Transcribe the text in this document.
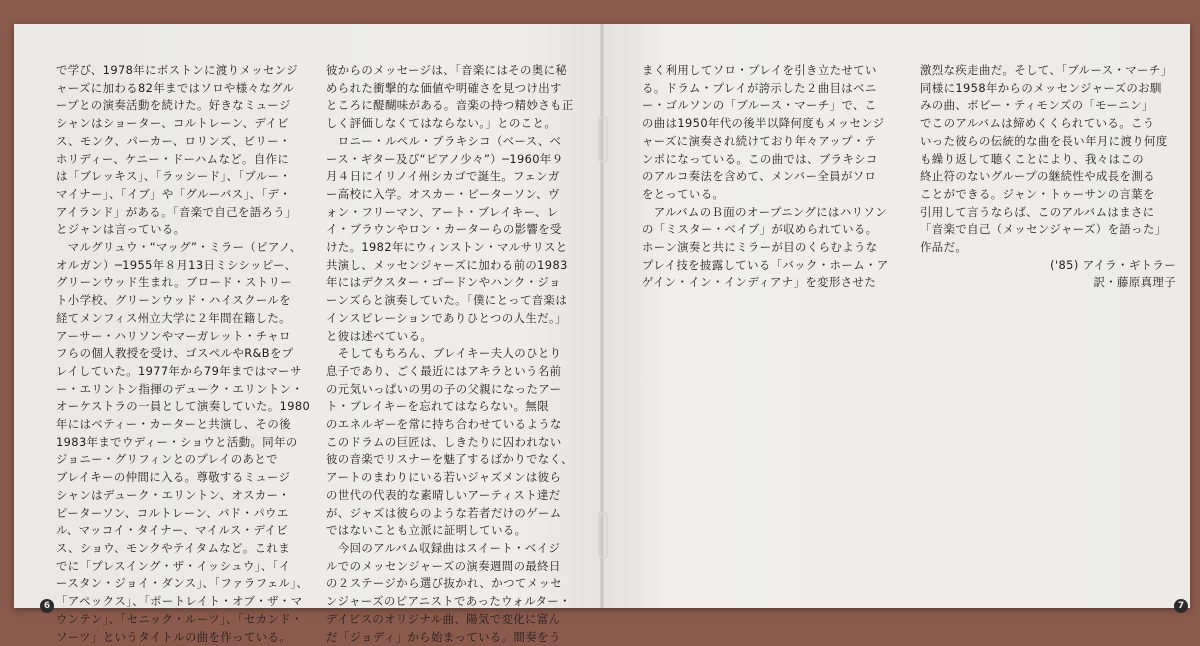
で学び、1978年にボストンに渡りメッセンジ

ャーズに加わる82年まではソロや様々なグル

ープとの演奏活動を続けた。好きなミュージ

シャンはショーター、コルトレーン、デイビ

ス、モンク、パーカー、ロリンズ、ビリー・

ホリディー、ケニー・ドーハムなど。自作に

は「ブレッキス」、「ラッシード」、「ブルー・

マイナー」、「イブ」や「グルーバス」、「デ・

アイランド」がある。「音楽で自己を語ろう」

とジャンは言っている。

　マルグリュウ・“マッグ”・ミラー（ピアノ、

オルガン）─1955年８月13日ミシシッピー、

グリーンウッド生まれ。ブロード・ストリー

ト小学校、グリーンウッド・ハイスクールを

経てメンフィス州立大学に２年間在籍した。

アーサー・ハリソンやマーガレット・チャロ

フらの個人教授を受け、ゴスペルやR&Bをプ

レイしていた。1977年から79年まではマーサ

ー・エリントン指揮のデューク・エリントン・

オーケストラの一員として演奏していた。1980

年にはベティー・カーターと共演し、その後

1983年までウディー・ショウと活動。同年の

ジョニー・グリフィンとのプレイのあとで

ブレイキーの仲間に入る。尊敬するミュージ

シャンはデューク・エリントン、オスカー・

ピーターソン、コルトレーン、バド・パウエ

ル、マッコイ・タイナー、マイルス・デイビ

ス、ショウ、モンクやテイタムなど。これま

でに「プレスイング・ザ・イッシュウ」、「イ

ースタン・ジョイ・ダンス」、「ファラフェル」、

「アペックス」、「ポートレイト・オブ・ザ・マ

ウンテン」、「セニック・ルーツ」、「セカンド・

ソーツ」というタイトルの曲を作っている。

彼からのメッセージは、「音楽にはその奥に秘

められた衝撃的な価値や明確さを見つけ出す

ところに醍醐味がある。音楽の持つ精妙さも正

しく評価しなくてはならない。」とのこと。

　ロニー・ルペル・ブラキシコ（ベース、ベ

ース・ギター及び“ピアノ少々”）─1960年９

月４日にイリノイ州シカゴで誕生。フェンガ

ー高校に入学。オスカー・ピーターソン、ヴ

ォン・フリーマン、アート・ブレイキー、レ

イ・ブラウンやロン・カーターらの影響を受

けた。1982年にウィンストン・マルサリスと

共演し、メッセンジャーズに加わる前の1983

年にはデクスター・ゴードンやハンク・ジョ

ーンズらと演奏していた。「僕にとって音楽は

インスピレーションでありひとつの人生だ。」

と彼は述べている。

　そしてもちろん、ブレイキー夫人のひとり

息子であり、ごく最近にはアキラという名前

の元気いっぱいの男の子の父親になったアー

ト・ブレイキーを忘れてはならない。無限

のエネルギーを常に持ち合わせているような

このドラムの巨匠は、しきたりに囚われない

彼の音楽でリスナーを魅了するばかりでなく、

アートのまわりにいる若いジャズメンは彼ら

の世代の代表的な素晴しいアーティスト達だ

が、ジャズは彼らのような若者だけのゲーム

ではないことも立派に証明している。

　今回のアルバム収録曲はスイート・ベイジ

ルでのメッセンジャーズの演奏週間の最終日

の２ステージから選び抜かれ、かつてメッセ

ンジャーズのピアニストであったウォルター・

デイビスのオリジナル曲、陽気で変化に富ん

だ「ジョディ」から始まっている。間奏をう

6	7

まく利用してソロ・プレイを引き立たせてい

る。ドラム・プレイが誇示した２曲目はベニ

ー・ゴルソンの「ブルース・マーチ」で、こ

の曲は1950年代の後半以降何度もメッセンジ

ャーズに演奏され続けており年々アップ・テ

ンポになっている。この曲では、ブラキシコ

のアルコ奏法を含めて、メンバー全員がソロ

をとっている。

　アルバムのＢ面のオープニングにはハリソン

の「ミスター・ベイブ」が収められている。

ホーン演奏と共にミラーが目のくらむような

プレイ技を披露している「バック・ホーム・ア

ゲイン・イン・インディアナ」を変形させた

激烈な疾走曲だ。そして、「ブルース・マーチ」

同様に1958年からのメッセンジャーズのお馴

みの曲、ボビー・ティモンズの「モーニン」

でこのアルバムは締めくくられている。こう

いった彼らの伝統的な曲を長い年月に渡り何度

も繰り返して聴くことにより、我々はこの

終止符のないグループの継続性や成長を測る

ことができる。ジャン・トゥーサンの言葉を

引用して言うならば、このアルバムはまさに

「音楽で自己（メッセンジャーズ）を語った」

作品だ。

('85) アイラ・ギトラー

訳・藤原真理子
